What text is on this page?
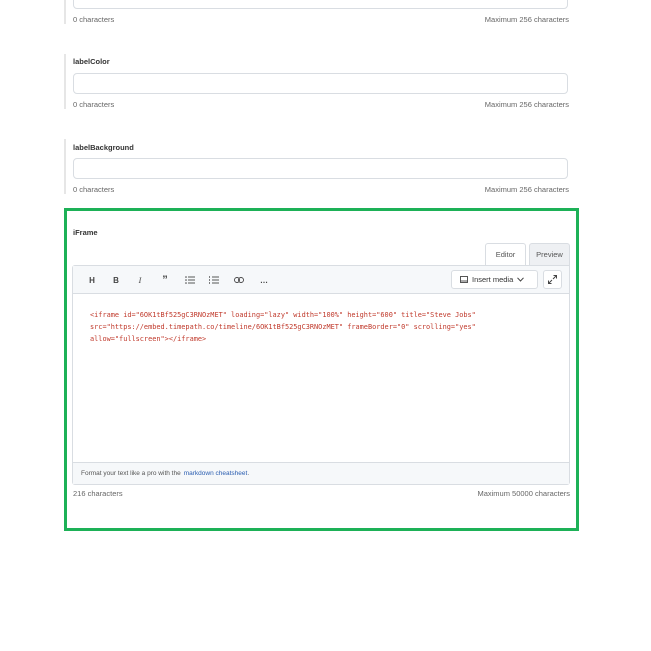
0 characters	Maximum 256 characters
labelColor
0 characters	Maximum 256 characters
labelBackground
0 characters	Maximum 256 characters
iFrame
Editor	Preview
H	B	I	”	…	Insert media
<iframe id="6OK1tBf525gC3RNOzMET" loading="lazy" width="100%" height="600" title="Steve Jobs"
src="https://embed.timepath.co/timeline/6OK1tBf525gC3RNOzMET" frameBorder="0" scrolling="yes"
allow="fullscreen"></iframe>
Format your text like a pro with the markdown cheatsheet .
216 characters	Maximum 50000 characters
